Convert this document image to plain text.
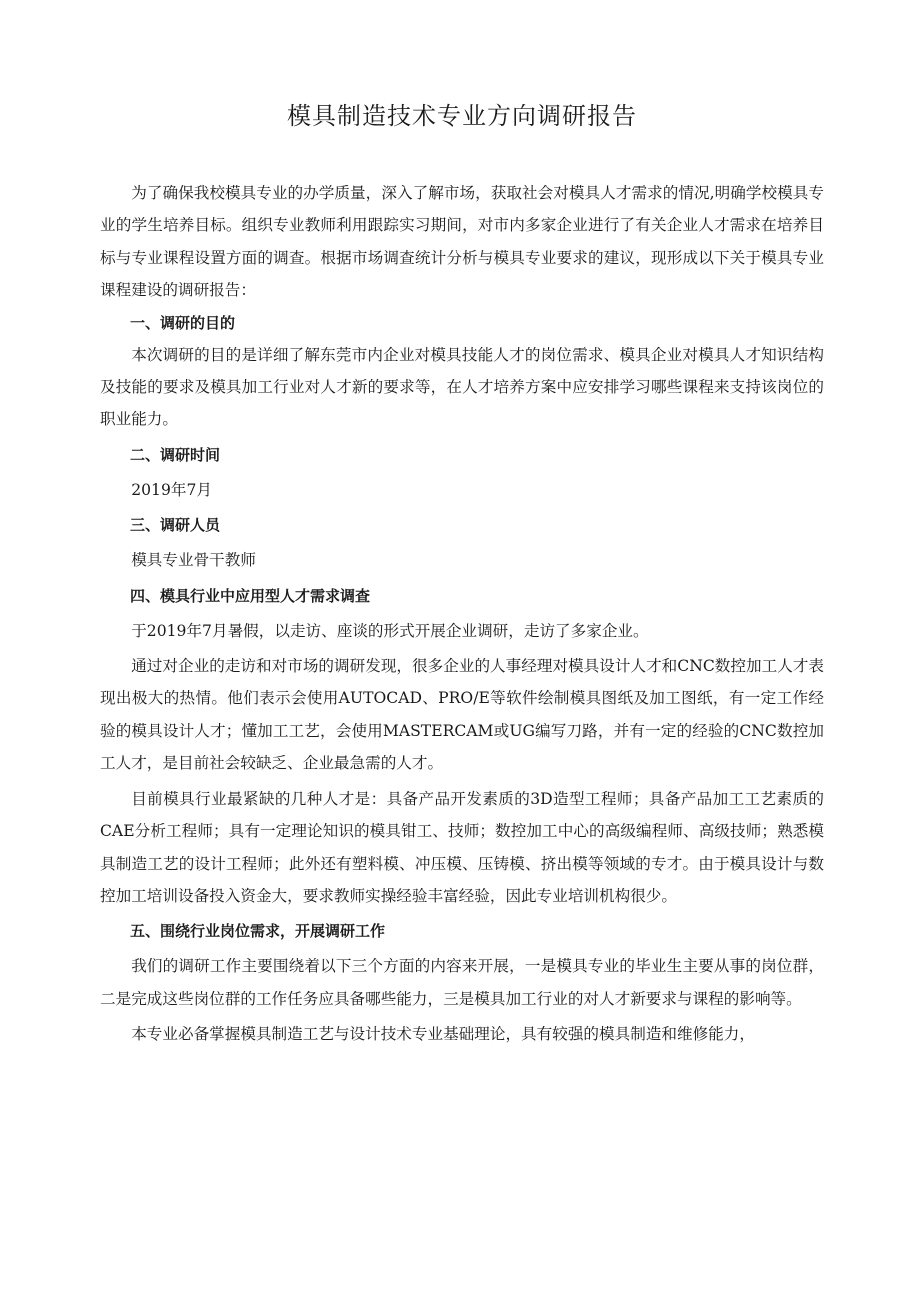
模具制造技术专业方向调研报告

为了确保我校模具专业的办学质量，深入了解市场，获取社会对模具人才需求的情况,明确学校模具专业的学生培养目标。组织专业教师利用跟踪实习期间，对市内多家企业进行了有关企业人才需求在培养目标与专业课程设置方面的调查。根据市场调查统计分析与模具专业要求的建议，现形成以下关于模具专业课程建设的调研报告：

一、调研的目的

本次调研的目的是详细了解东莞市内企业对模具技能人才的岗位需求、模具企业对模具人才知识结构及技能的要求及模具加工行业对人才新的要求等，在人才培养方案中应安排学习哪些课程来支持该岗位的职业能力。

二、调研时间

2019年7月

三、调研人员

模具专业骨干教师

四、模具行业中应用型人才需求调查

于2019年7月暑假，以走访、座谈的形式开展企业调研，走访了多家企业。

通过对企业的走访和对市场的调研发现，很多企业的人事经理对模具设计人才和CNC数控加工人才表现出极大的热情。他们表示会使用AUTOCAD、PRO/E等软件绘制模具图纸及加工图纸，有一定工作经验的模具设计人才；懂加工工艺，会使用MASTERCAM或UG编写刀路，并有一定的经验的CNC数控加工人才，是目前社会较缺乏、企业最急需的人才。

目前模具行业最紧缺的几种人才是：具备产品开发素质的3D造型工程师；具备产品加工工艺素质的CAE分析工程师；具有一定理论知识的模具钳工、技师；数控加工中心的高级编程师、高级技师；熟悉模具制造工艺的设计工程师；此外还有塑料模、冲压模、压铸模、挤出模等领域的专才。由于模具设计与数控加工培训设备投入资金大，要求教师实操经验丰富经验，因此专业培训机构很少。

五、围绕行业岗位需求，开展调研工作

我们的调研工作主要围绕着以下三个方面的内容来开展，一是模具专业的毕业生主要从事的岗位群，二是完成这些岗位群的工作任务应具备哪些能力，三是模具加工行业的对人才新要求与课程的影响等。

本专业必备掌握模具制造工艺与设计技术专业基础理论，具有较强的模具制造和维修能力，
